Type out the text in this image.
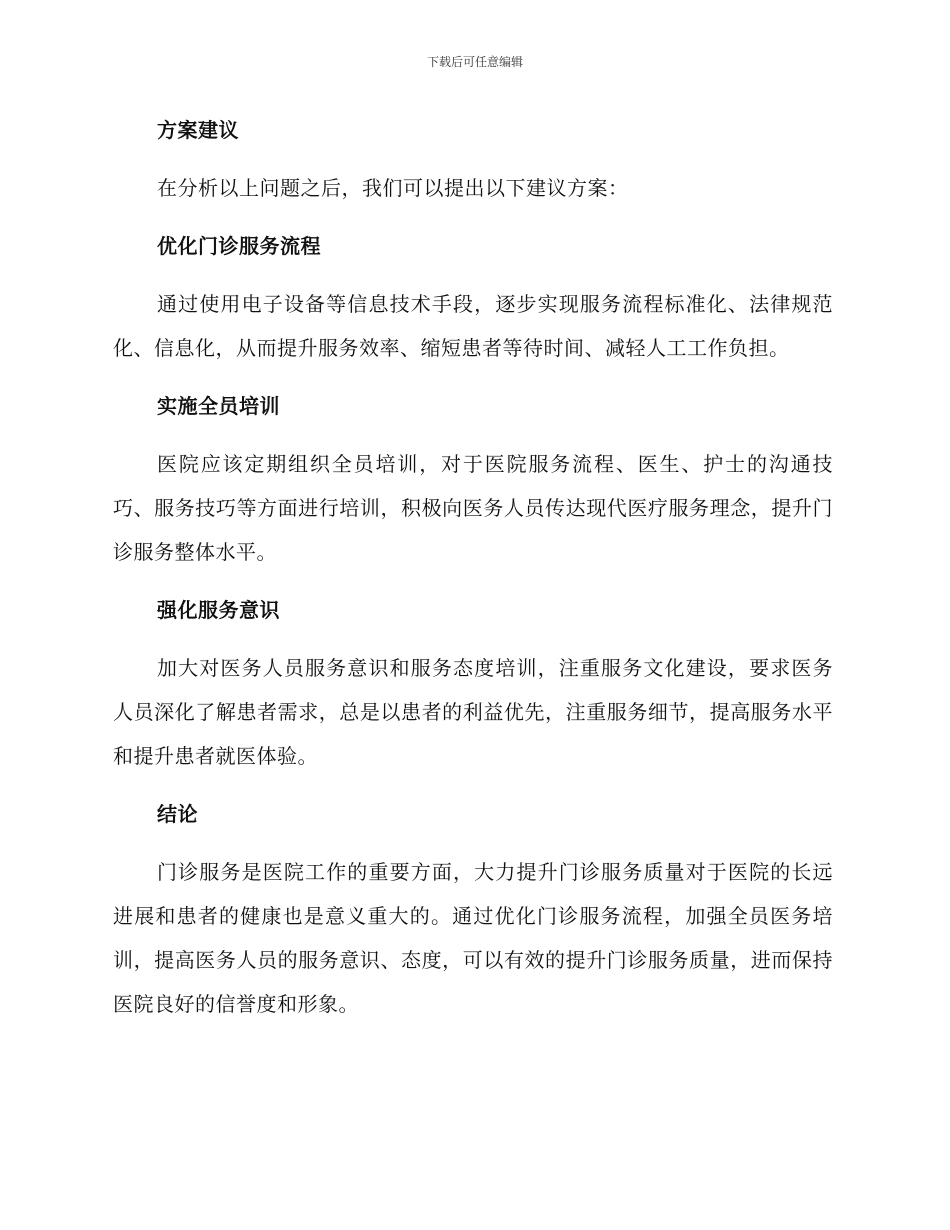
下载后可任意编辑
方案建议

在分析以上问题之后，我们可以提出以下建议方案：

优化门诊服务流程

通过使用电子设备等信息技术手段，逐步实现服务流程标准化、法律规范化、信息化，从而提升服务效率、缩短患者等待时间、减轻人工工作负担。

实施全员培训

医院应该定期组织全员培训，对于医院服务流程、医生、护士的沟通技巧、服务技巧等方面进行培训，积极向医务人员传达现代医疗服务理念，提升门诊服务整体水平。

强化服务意识

加大对医务人员服务意识和服务态度培训，注重服务文化建设，要求医务人员深化了解患者需求，总是以患者的利益优先，注重服务细节，提高服务水平和提升患者就医体验。

结论

门诊服务是医院工作的重要方面，大力提升门诊服务质量对于医院的长远进展和患者的健康也是意义重大的。通过优化门诊服务流程，加强全员医务培训，提高医务人员的服务意识、态度，可以有效的提升门诊服务质量，进而保持医院良好的信誉度和形象。
